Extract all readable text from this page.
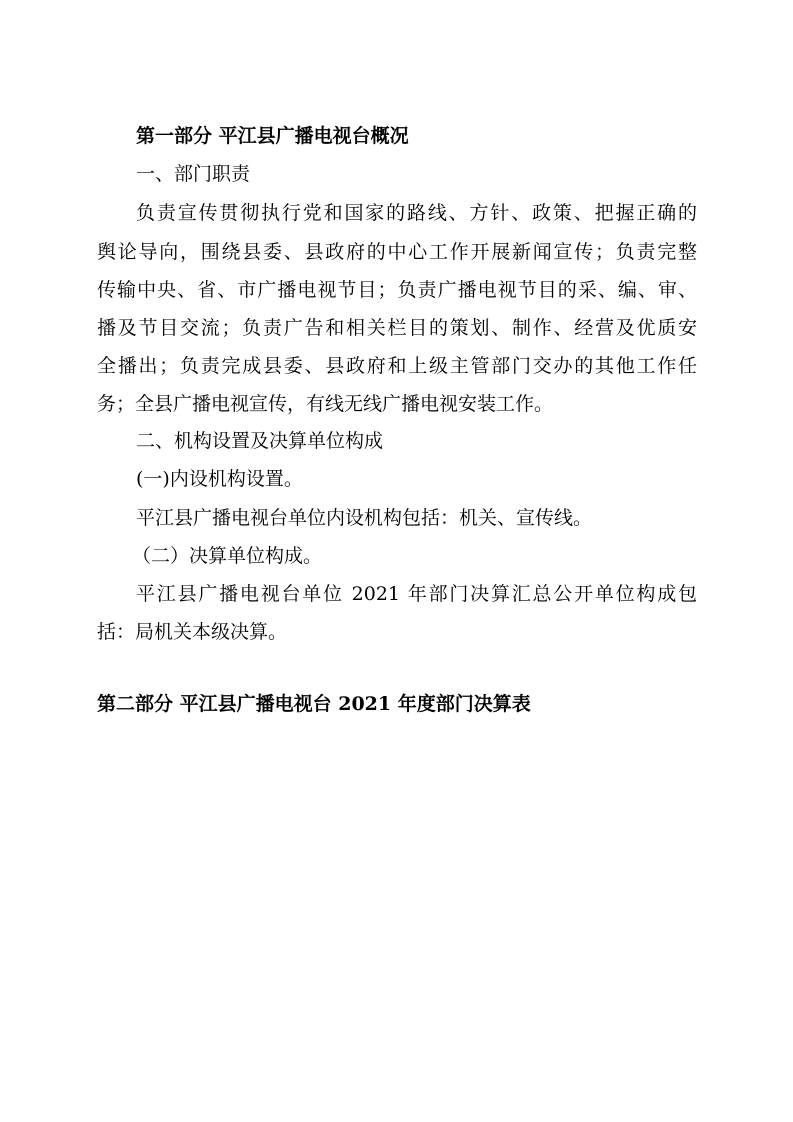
第一部分 平江县广播电视台概况
一、部门职责
负责宣传贯彻执行党和国家的路线、方针、政策、把握正确的
舆论导向，围绕县委、县政府的中心工作开展新闻宣传；负责完整
传输中央、省、市广播电视节目；负责广播电视节目的采、编、审、
播及节目交流；负责广告和相关栏目的策划、制作、经营及优质安
全播出；负责完成县委、县政府和上级主管部门交办的其他工作任
务；全县广播电视宣传，有线无线广播电视安装工作。
二、机构设置及决算单位构成
(一)内设机构设置。
平江县广播电视台单位内设机构包括：机关、宣传线。
（二）决算单位构成。
平江县广播电视台单位 2021 年部门决算汇总公开单位构成包
括：局机关本级决算。
第二部分 平江县广播电视台 2021 年度部门决算表
